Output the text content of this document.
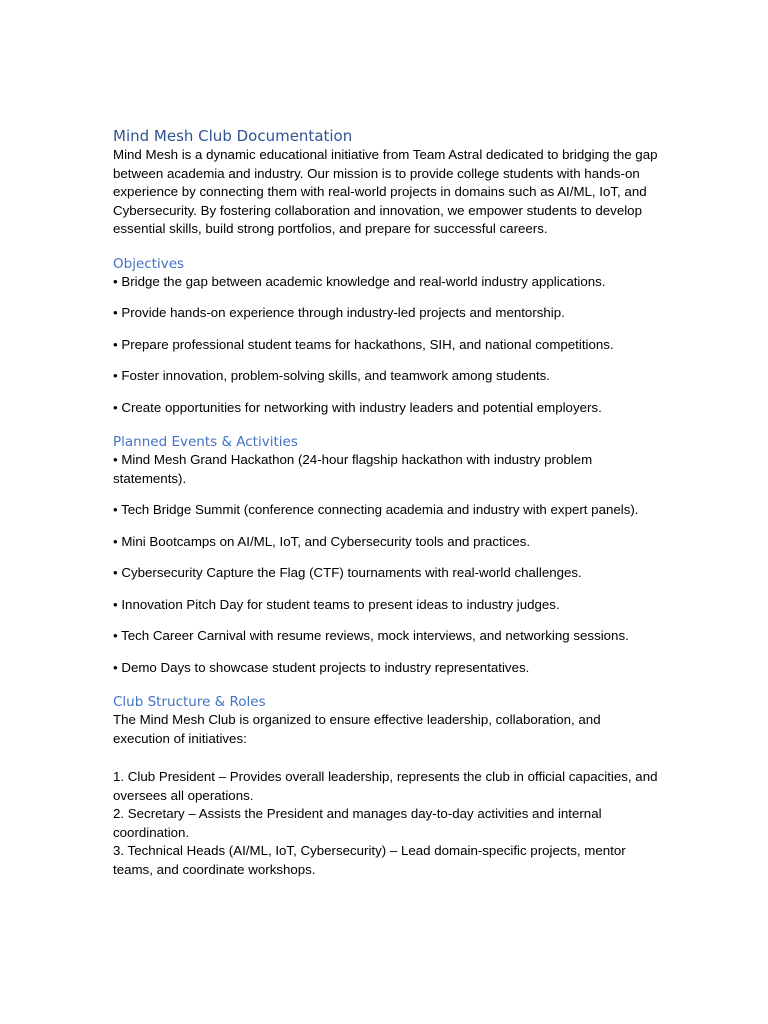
Mind Mesh Club Documentation

Mind Mesh is a dynamic educational initiative from Team Astral dedicated to bridging the gap between academia and industry. Our mission is to provide college students with hands-on experience by connecting them with real-world projects in domains such as AI/ML, IoT, and Cybersecurity. By fostering collaboration and innovation, we empower students to develop essential skills, build strong portfolios, and prepare for successful careers.

Objectives
• Bridge the gap between academic knowledge and real-world industry applications.
• Provide hands-on experience through industry-led projects and mentorship.
• Prepare professional student teams for hackathons, SIH, and national competitions.
• Foster innovation, problem-solving skills, and teamwork among students.
• Create opportunities for networking with industry leaders and potential employers.
Planned Events & Activities
• Mind Mesh Grand Hackathon (24-hour flagship hackathon with industry problem statements).
• Tech Bridge Summit (conference connecting academia and industry with expert panels).
• Mini Bootcamps on AI/ML, IoT, and Cybersecurity tools and practices.
• Cybersecurity Capture the Flag (CTF) tournaments with real-world challenges.
• Innovation Pitch Day for student teams to present ideas to industry judges.
• Tech Career Carnival with resume reviews, mock interviews, and networking sessions.
• Demo Days to showcase student projects to industry representatives.
Club Structure & Roles

The Mind Mesh Club is organized to ensure effective leadership, collaboration, and execution of initiatives:

1. Club President – Provides overall leadership, represents the club in official capacities, and oversees all operations.
2. Secretary – Assists the President and manages day-to-day activities and internal coordination.
3. Technical Heads (AI/ML, IoT, Cybersecurity) – Lead domain-specific projects, mentor teams, and coordinate workshops.
